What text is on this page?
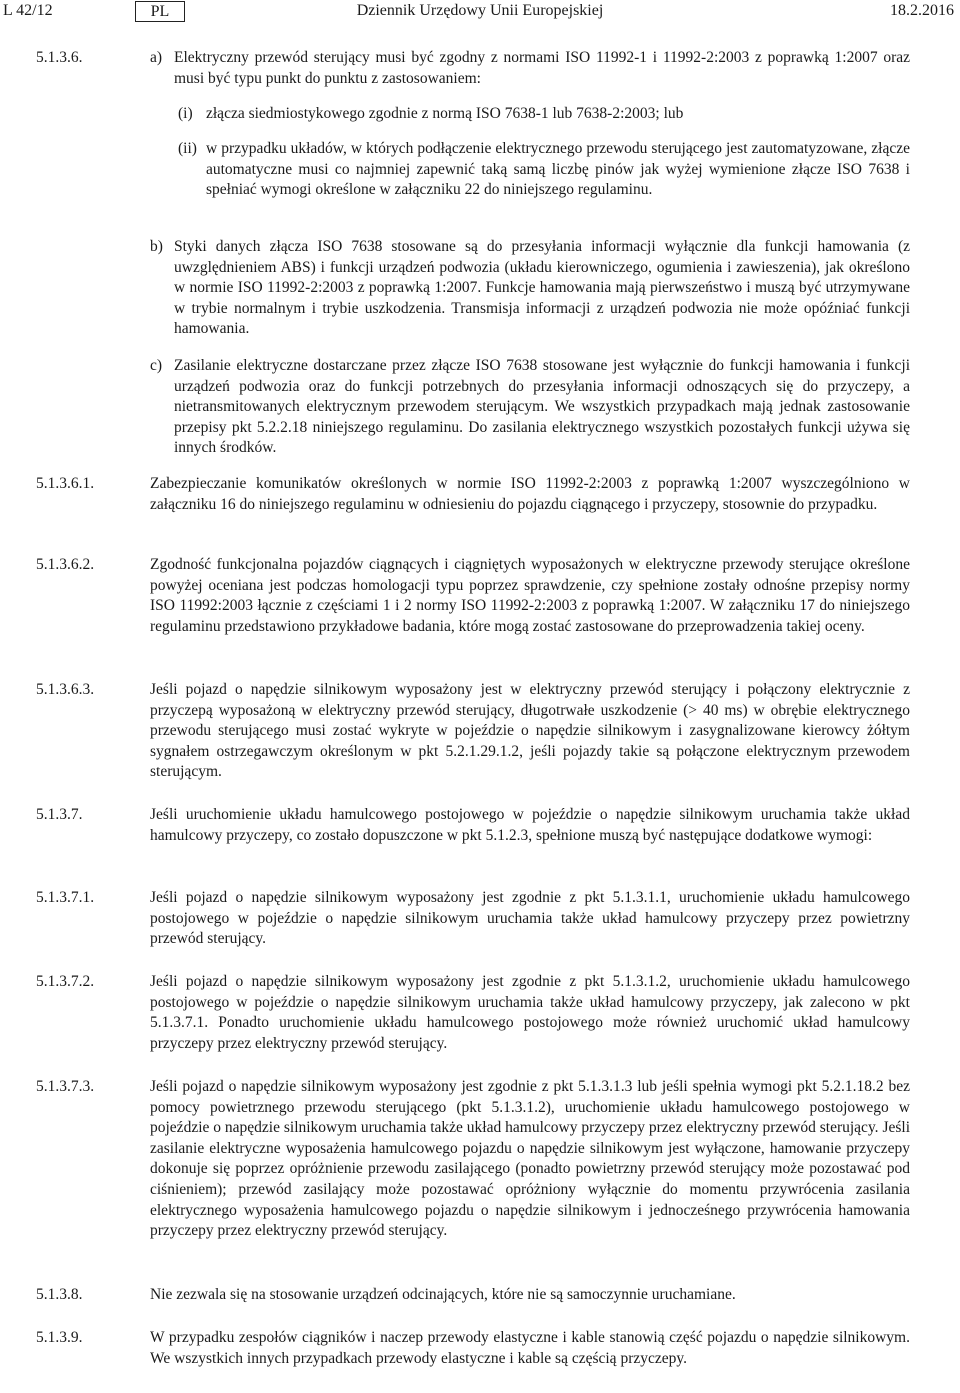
L 42/12	PL	Dziennik Urzędowy Unii Europejskiej	18.2.2016
5.1.3.6.	a) Elektryczny przewód sterujący musi być zgodny z normami ISO 11992-1 i 11992-2:2003 z poprawką 1:2007 oraz musi być typu punkt do punktu z zastosowaniem:

(i) złącza siedmiostykowego zgodnie z normą ISO 7638-1 lub 7638-2:2003; lub

(ii) w przypadku układów, w których podłączenie elektrycznego przewodu sterującego jest zautomatyzowane, złącze automatyczne musi co najmniej zapewnić taką samą liczbę pinów jak wyżej wymienione złącze ISO 7638 i spełniać wymogi określone w załączniku 22 do niniejszego regulaminu.

b) Styki danych złącza ISO 7638 stosowane są do przesyłania informacji wyłącznie dla funkcji hamowania (z uwzględnieniem ABS) i funkcji urządzeń podwozia (układu kierowniczego, ogumienia i zawieszenia), jak określono w normie ISO 11992-2:2003 z poprawką 1:2007. Funkcje hamowania mają pierwszeństwo i muszą być utrzymywane w trybie normalnym i trybie uszkodzenia. Transmisja informacji z urządzeń podwozia nie może opóźniać funkcji hamowania.

c) Zasilanie elektryczne dostarczane przez złącze ISO 7638 stosowane jest wyłącznie do funkcji hamowania i funkcji urządzeń podwozia oraz do funkcji potrzebnych do przesyłania informacji odnoszących się do przyczepy, a nietransmitowanych elektrycznym przewodem sterującym. We wszystkich przypadkach mają jednak zastosowanie przepisy pkt 5.2.2.18 niniejszego regulaminu. Do zasilania elektrycznego wszystkich pozostałych funkcji używa się innych środków.

5.1.3.6.1.	Zabezpieczanie komunikatów określonych w normie ISO 11992-2:2003 z poprawką 1:2007 wyszczególniono w załączniku 16 do niniejszego regulaminu w odniesieniu do pojazdu ciągnącego i przyczepy, stosownie do przypadku.

5.1.3.6.2.	Zgodność funkcjonalna pojazdów ciągnących i ciągniętych wyposażonych w elektryczne przewody sterujące określone powyżej oceniana jest podczas homologacji typu poprzez sprawdzenie, czy spełnione zostały odnośne przepisy normy ISO 11992:2003 łącznie z częściami 1 i 2 normy ISO 11992-2:2003 z poprawką 1:2007. W załączniku 17 do niniejszego regulaminu przedstawiono przykładowe badania, które mogą zostać zastosowane do przeprowadzenia takiej oceny.

5.1.3.6.3.	Jeśli pojazd o napędzie silnikowym wyposażony jest w elektryczny przewód sterujący i połączony elektrycznie z przyczepą wyposażoną w elektryczny przewód sterujący, długotrwałe uszkodzenie (> 40 ms) w obrębie elektrycznego przewodu sterującego musi zostać wykryte w pojeździe o napędzie silnikowym i zasygnalizowane kierowcy żółtym sygnałem ostrzegawczym określonym w pkt 5.2.1.29.1.2, jeśli pojazdy takie są połączone elektrycznym przewodem sterującym.

5.1.3.7.	Jeśli uruchomienie układu hamulcowego postojowego w pojeździe o napędzie silnikowym uruchamia także układ hamulcowy przyczepy, co zostało dopuszczone w pkt 5.1.2.3, spełnione muszą być następujące dodatkowe wymogi:

5.1.3.7.1.	Jeśli pojazd o napędzie silnikowym wyposażony jest zgodnie z pkt 5.1.3.1.1, uruchomienie układu hamulcowego postojowego w pojeździe o napędzie silnikowym uruchamia także układ hamulcowy przyczepy przez powietrzny przewód sterujący.

5.1.3.7.2.	Jeśli pojazd o napędzie silnikowym wyposażony jest zgodnie z pkt 5.1.3.1.2, uruchomienie układu hamulcowego postojowego w pojeździe o napędzie silnikowym uruchamia także układ hamulcowy przyczepy, jak zalecono w pkt 5.1.3.7.1. Ponadto uruchomienie układu hamulcowego postojowego może również uruchomić układ hamulcowy przyczepy przez elektryczny przewód sterujący.

5.1.3.7.3.	Jeśli pojazd o napędzie silnikowym wyposażony jest zgodnie z pkt 5.1.3.1.3 lub jeśli spełnia wymogi pkt 5.2.1.18.2 bez pomocy powietrznego przewodu sterującego (pkt 5.1.3.1.2), uruchomienie układu hamulcowego postojowego w pojeździe o napędzie silnikowym uruchamia także układ hamulcowy przyczepy przez elektryczny przewód sterujący. Jeśli zasilanie elektryczne wyposażenia hamulcowego pojazdu o napędzie silnikowym jest wyłączone, hamowanie przyczepy dokonuje się poprzez opróżnienie przewodu zasilającego (ponadto powietrzny przewód sterujący może pozostawać pod ciśnieniem); przewód zasilający może pozostawać opróżniony wyłącznie do momentu przywrócenia zasilania elektrycznego wyposażenia hamulcowego pojazdu o napędzie silnikowym i jednocześnego przywrócenia hamowania przyczepy przez elektryczny przewód sterujący.

5.1.3.8.	Nie zezwala się na stosowanie urządzeń odcinających, które nie są samoczynnie uruchamiane.

5.1.3.9.	W przypadku zespołów ciągników i naczep przewody elastyczne i kable stanowią część pojazdu o napędzie silnikowym. We wszystkich innych przypadkach przewody elastyczne i kable są częścią przyczepy.
